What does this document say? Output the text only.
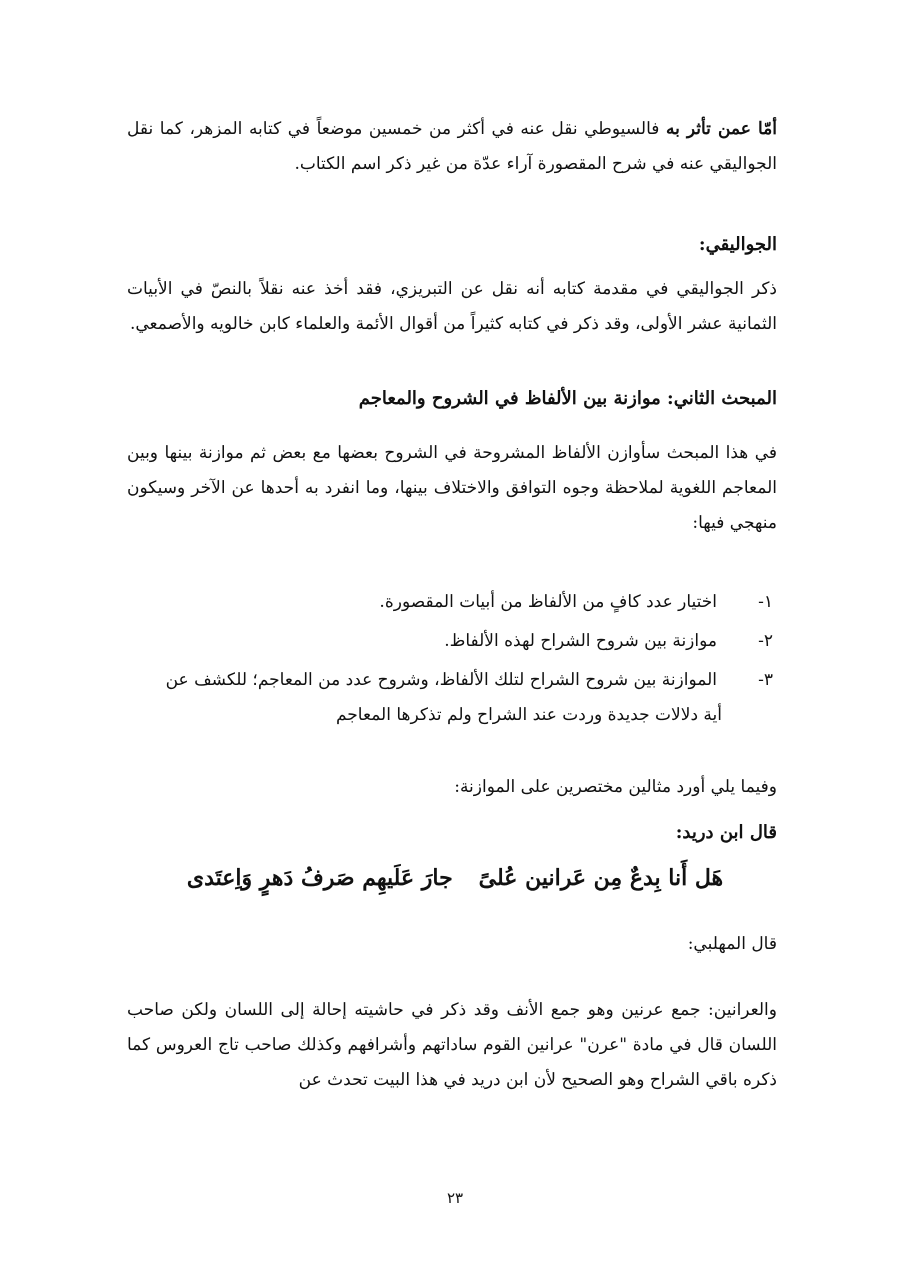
أمّا عمن تأثر به فالسيوطي نقل عنه في أكثر من خمسين موضعاً في كتابه المزهر، كما نقل الجواليقي عنه في شرح المقصورة آراء عدّة من غير ذكر اسم الكتاب.

الجواليقي:

ذكر الجواليقي في مقدمة كتابه أنه نقل عن التبريزي، فقد أخذ عنه نقلاً بالنصّ في الأبيات الثمانية عشر الأولى، وقد ذكر في كتابه كثيراً من أقوال الأئمة والعلماء كابن خالويه والأصمعي.

المبحث الثاني: موازنة بين الألفاظ في الشروح والمعاجم

في هذا المبحث سأوازن الألفاظ المشروحة في الشروح بعضها مع بعض ثم موازنة بينها وبين المعاجم اللغوية لملاحظة وجوه التوافق والاختلاف بينها، وما انفرد به أحدها عن الآخر وسيكون منهجي فيها:

١-اختيار عدد كافٍ من الألفاظ من أبيات المقصورة.

٢-موازنة بين شروح الشراح لهذه الألفاظ.

٣-الموازنة بين شروح الشراح لتلك الألفاظ، وشروح عدد من المعاجم؛ للكشف عن
أية دلالات جديدة وردت عند الشراح ولم تذكرها المعاجم

وفيما يلي أورد مثالين مختصرين على الموازنة:

قال ابن دريد:

هَل أَنا بِدعٌ مِن عَرانين عُلىًجارَ عَلَيهِم صَرفُ دَهرٍ وَاِعتَدى

قال المهلبي:

والعرانين: جمع عرنين وهو جمع الأنف وقد ذكر في حاشيته إحالة إلى اللسان ولكن صاحب اللسان قال في مادة "عرن" عرانين القوم ساداتهم وأشرافهم وكذلك صاحب تاج العروس كما ذكره باقي الشراح وهو الصحيح لأن ابن دريد في هذا البيت تحدث عن

٢٣
